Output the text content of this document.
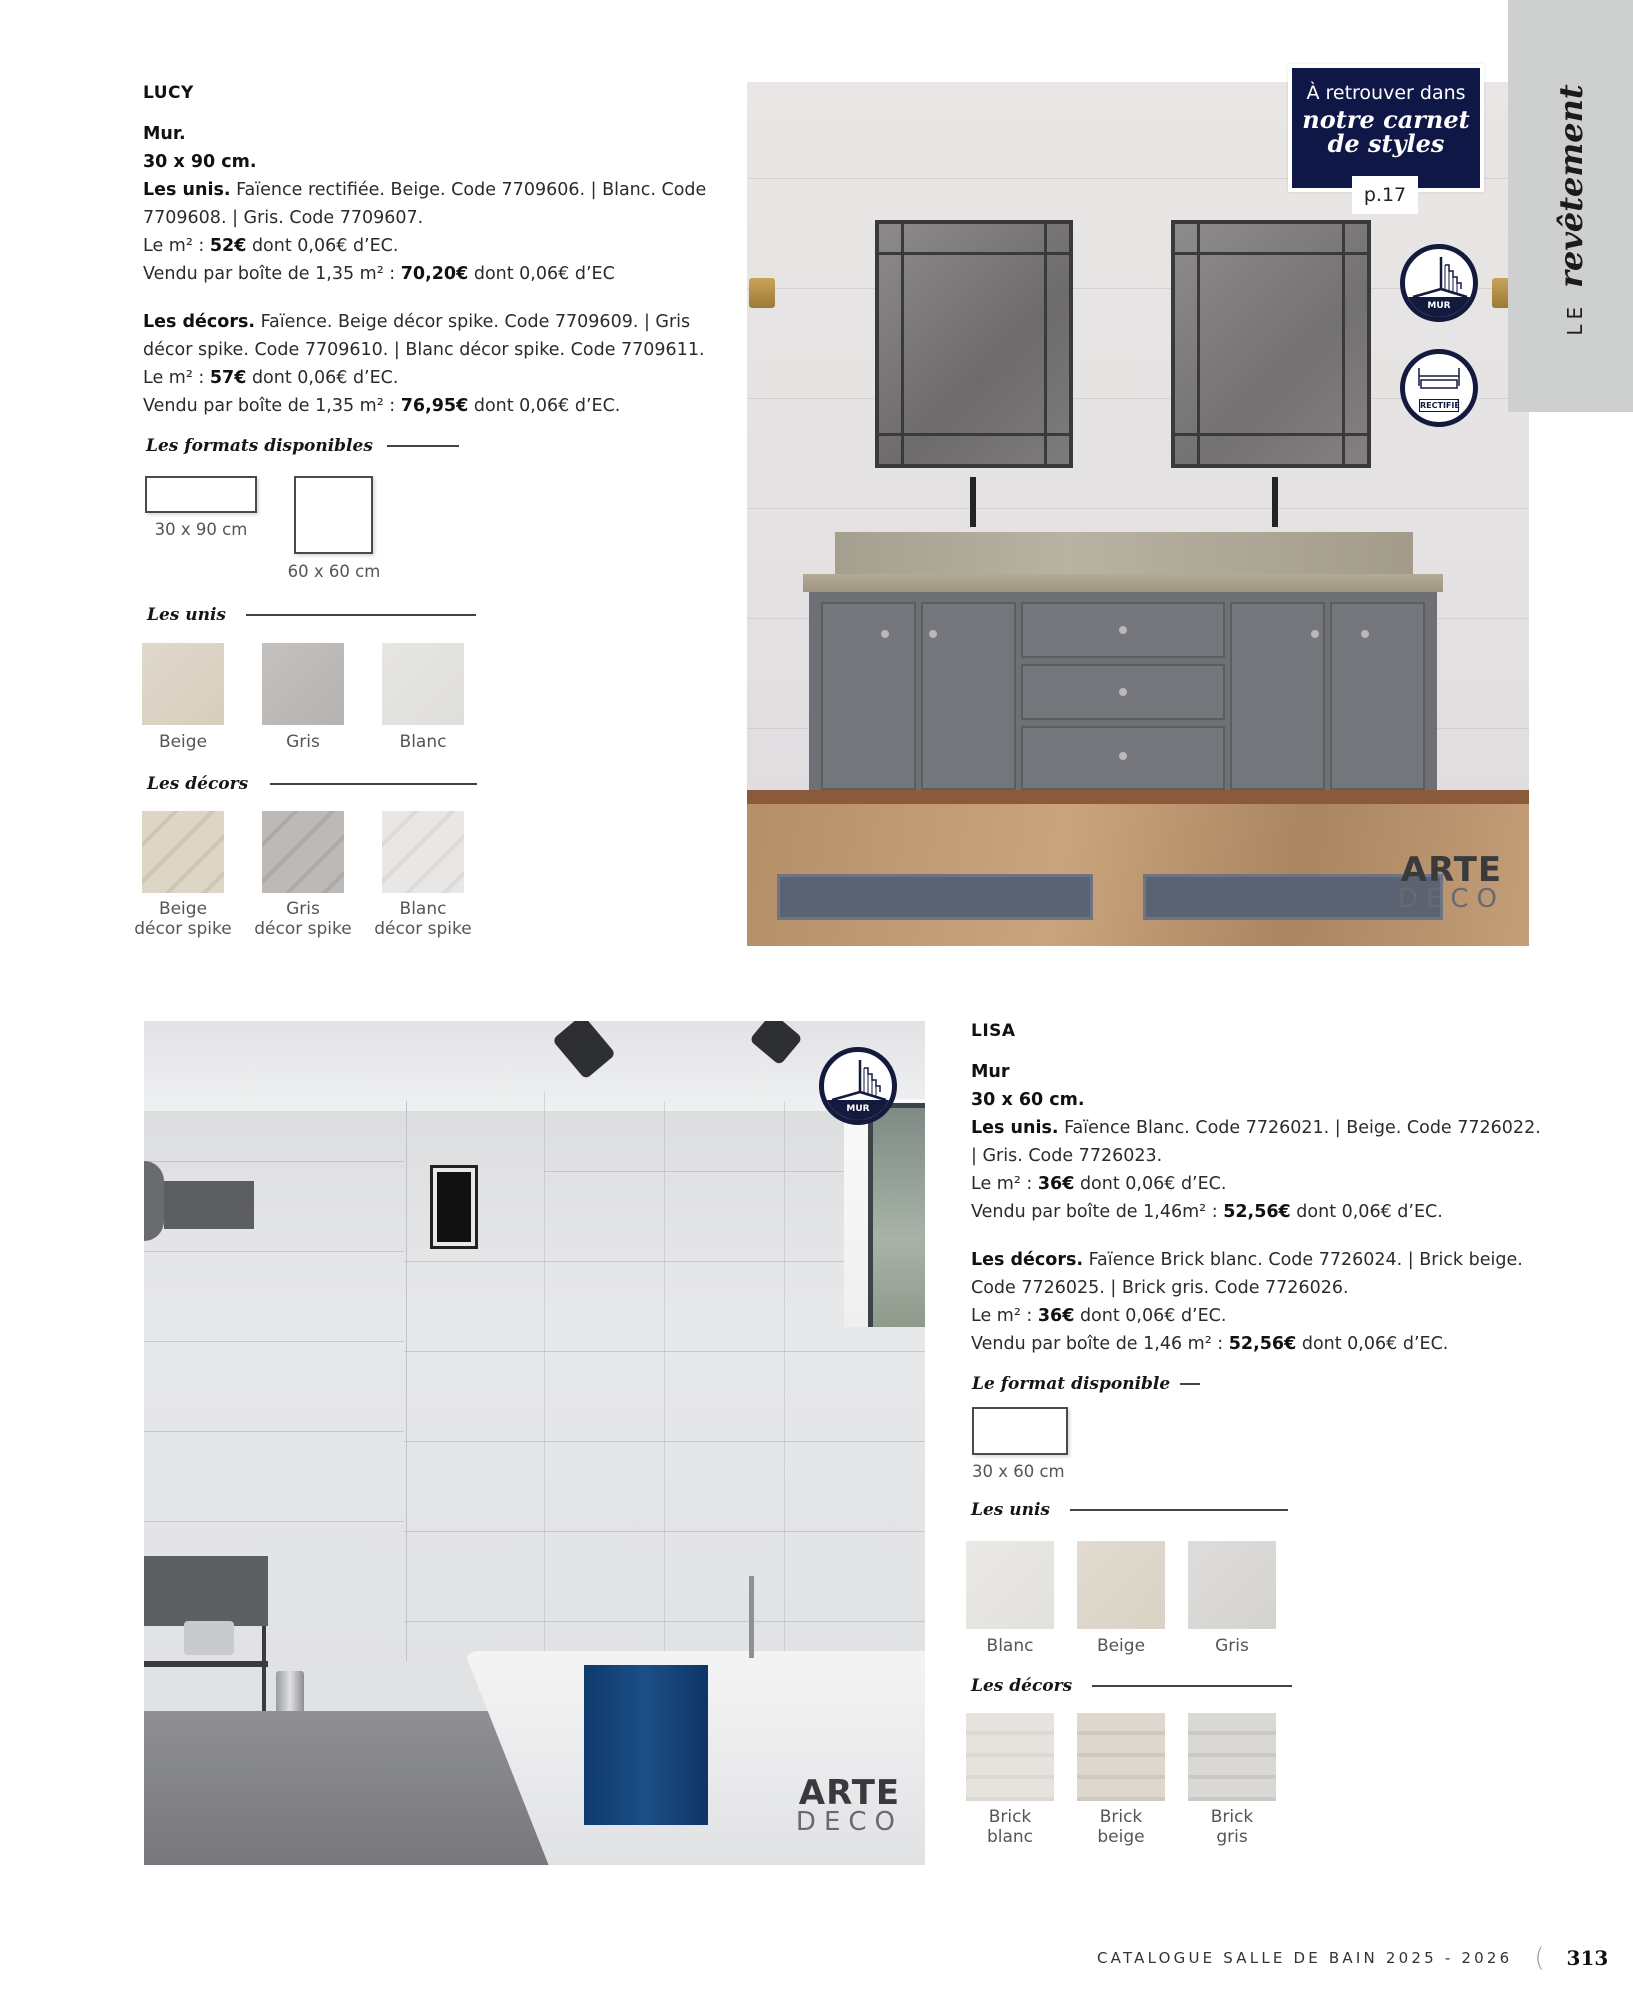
LUCY
Mur.
30 x 90 cm.
Les unis. Faïence rectifiée. Beige. Code 7709606. | Blanc. Code 7709608. | Gris. Code 7709607.
Le m² : 52€ dont 0,06€ d’EC.
Vendu par boîte de 1,35 m² : 70,20€ dont 0,06€ d’EC
Les décors. Faïence. Beige décor spike. Code 7709609. | Gris décor spike. Code 7709610. | Blanc décor spike. Code 7709611.
Le m² : 57€ dont 0,06€ d’EC.
Vendu par boîte de 1,35 m² : 76,95€ dont 0,06€ d’EC.
Les formats disponibles
30 x 90 cm
60 x 60 cm
Les unis
Beige	Gris	Blanc
Les décors
Beige
décor spike
Gris
décor spike
Blanc
décor spike
ARTE
DECO
MUR
RECTIFIÉ
À retrouver dans
notre carnet
de styles
p.17
LE
revêtement
ARTE
DECO
MUR
LISA
Mur
30 x 60 cm.
Les unis. Faïence Blanc. Code 7726021. | Beige. Code 7726022. | Gris. Code 7726023.
Le m² : 36€ dont 0,06€ d’EC.
Vendu par boîte de 1,46m² : 52,56€ dont 0,06€ d’EC.
Les décors. Faïence Brick blanc. Code 7726024. | Brick beige. Code 7726025. | Brick gris. Code 7726026.
Le m² : 36€ dont 0,06€ d’EC.
Vendu par boîte de 1,46 m² : 52,56€ dont 0,06€ d’EC.
Le format disponible
30 x 60 cm
Les unis
Blanc	Beige	Gris
Les décors
Brick
blanc
Brick
beige
Brick
gris
CATALOGUE SALLE DE BAIN 2025 - 2026 ( 313
